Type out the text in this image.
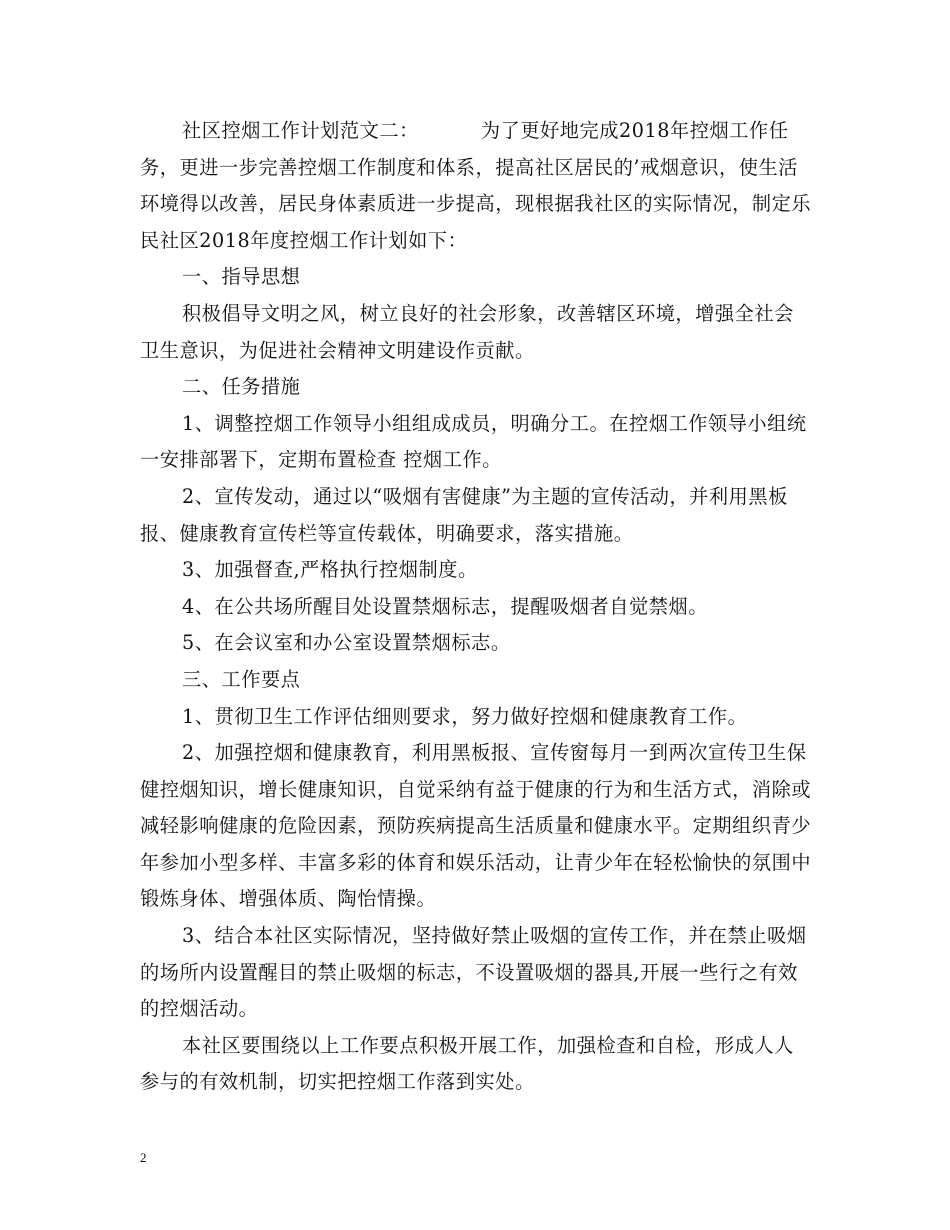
社区控烟工作计划范文二：	为了更好地完成2018年控烟工作任务，更进一步完善控烟工作制度和体系，提高社区居民的’戒烟意识，使生活环境得以改善，居民身体素质进一步提高，现根据我社区的实际情况，制定乐民社区2018年度控烟工作计划如下：

一、指导思想

积极倡导文明之风，树立良好的社会形象，改善辖区环境，增强全社会卫生意识，为促进社会精神文明建设作贡献。

二、任务措施

1、调整控烟工作领导小组组成成员，明确分工。在控烟工作领导小组统一安排部署下，定期布置检查 控烟工作。

2、宣传发动，通过以“吸烟有害健康”为主题的宣传活动，并利用黑板报、健康教育宣传栏等宣传载体，明确要求，落实措施。

3、加强督查,严格执行控烟制度。

4、在公共场所醒目处设置禁烟标志，提醒吸烟者自觉禁烟。

5、在会议室和办公室设置禁烟标志。

三、工作要点

1、贯彻卫生工作评估细则要求，努力做好控烟和健康教育工作。

2、加强控烟和健康教育，利用黑板报、宣传窗每月一到两次宣传卫生保健控烟知识，增长健康知识，自觉采纳有益于健康的行为和生活方式，消除或减轻影响健康的危险因素，预防疾病提高生活质量和健康水平。定期组织青少年参加小型多样、丰富多彩的体育和娱乐活动，让青少年在轻松愉快的氛围中锻炼身体、增强体质、陶怡情操。

3、结合本社区实际情况，坚持做好禁止吸烟的宣传工作，并在禁止吸烟的场所内设置醒目的禁止吸烟的标志，不设置吸烟的器具,开展一些行之有效的控烟活动。

本社区要围绕以上工作要点积极开展工作，加强检查和自检，形成人人参与的有效机制，切实把控烟工作落到实处。

2
